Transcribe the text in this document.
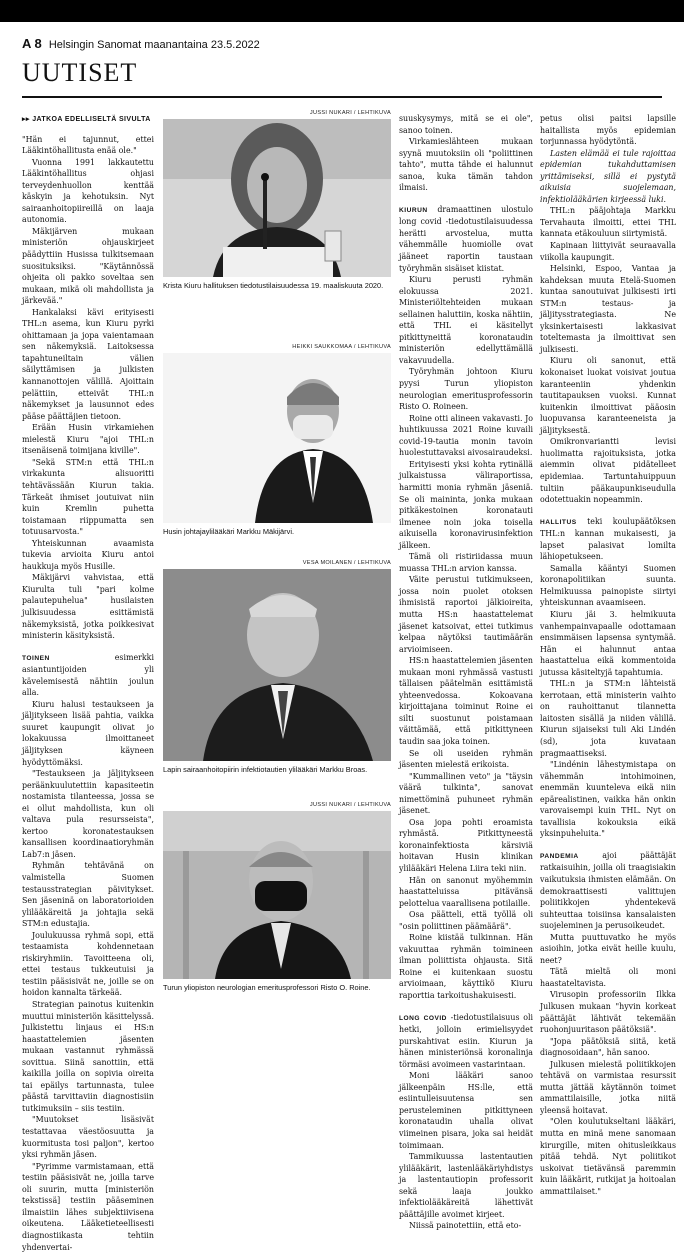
A 8 Helsingin Sanomat maanantaina 23.5.2022
UUTISET
▸▸ JATKOA EDELLISELTÄ SIVULTA

"Hän ei tajunnut, ettei Lääkintöhallitusta enää ole."

Vuonna 1991 lakkautettu Lääkintöhallitus ohjasi terveydenhuollon kenttää käskyin ja kehotuksin. Nyt sairaanhoitopiireillä on laaja autonomia.

Mäkijärven mukaan ministeriön ohjauskirjeet päädyttiin Husissa tulkitsemaan suosituksiksi. "Käytännössä ohjeita oli pakko soveltaa sen mukaan, mikä oli mahdollista ja järkevää."

Hankalaksi kävi erityisesti THL:n asema, kun Kiuru pyrki ohittamaan ja jopa vaientamaan sen näkemyksiä. Laitoksessa tapahtuneiltain välien säilyttämisen ja julkisten kannanottojen välillä. Ajoittain pelättiin, etteivät THL:n näkemykset ja lausunnot edes pääse päättäjien tietoon.

Erään Husin virkamiehen mielestä Kiuru "ajoi THL:n itsenäisenä toimijana kiville".

"Sekä STM:n että THL:n virkakunta alisuoritti tehtävässään Kiurun takia. Tärkeät ihmiset joutuivat niin kuin Kremlin puhetta toistamaan riippumatta sen totuusarvosta."

Yhteiskunnan avaamista tukevia arvioita Kiuru antoi haukkuja myös Husille.

Mäkijärvi vahvistaa, että Kiurulta tuli "pari kolme palautepuhelua" husilaisten julkisuudessa esittämistä näkemyksistä, jotka poikkesivat ministerin käsityksistä.

TOINEN	esimerkki asiantuntijoiden yli kävelemisestä nähtiin joulun alla.

Kiuru halusi testaukseen ja jäljitykseen lisää pahtia, vaikka suuret kaupungit olivat jo lokakuussa ilmoittaneet jäljityksen käyneen hyödyttömäksi.

"Testaukseen ja jäljitykseen peräänkuulutettiin kapasiteetin nostamista tilanteessa, jossa se ei ollut mahdollista, kun oli valtava pula resursseista", kertoo koronatestauksen kansallisen koordinaatioryhmän Lab7:n jäsen.

Ryhmän tehtävänä on valmistella Suomen testausstrategian päivitykset. Sen jäseninä on laboratorioiden ylilääkäreitä ja johtajia sekä STM:n edustajia.

Joulukuussa ryhmä sopi, että testaamista kohdennetaan riskiryhmiin. Tavoitteena oli, ettei testaus tukkeutuisi ja testiin pääsisivät ne, joille se on hoidon kannalta tärkeää.

Strategian painotus kuitenkin muuttui ministeriön käsittelyssä. Julkistettu linjaus ei HS:n haastattelemien jäsenten mukaan vastannut ryhmässä sovittua. Siinä sanottiin, että kaikilla joilla on sopivia oireita tai epäilys tartunnasta, tulee päästä tarvittaviin diagnostisiin tutkimuksiin – siis testiin.

"Muutokset lisäsivät testattavaa väestöosuutta ja kuormitusta tosi paljon", kertoo yksi ryhmän jäsen.

"Pyrimme varmistamaan, että testiin pääsisivät ne, joilla tarve oli suurin, mutta [ministeriön tekstissä] testiin pääseminen ilmaistiin lähes subjektiivisena oikeutena. Lääketieteellisesti diagnostiikasta tehtiin yhdenvertai-

JUSSI NUKARI / LEHTIKUVA
Krista Kiuru hallituksen tiedotustilaisuudessa 19. maaliskuuta 2020.
HEIKKI SAUKKOMAA / LEHTIKUVA
Husin johtajaylilääkäri Markku Mäkijärvi.
VESA MOILANEN / LEHTIKUVA
Lapin sairaanhoitopiirin infektiotautien ylilääkäri Markku Broas.
JUSSI NUKARI / LEHTIKUVA
Turun yliopiston neurologian emeritusprofessori Risto O. Roine.

suuskysymys, mitä se ei ole", sanoo toinen.

Virkamieslähteen mukaan syynä muutoksiin oli "poliittinen tahto", mutta tähde ei halunnut sanoa, kuka tämän tahdon ilmaisi.

KIURUN dramaattinen ulostulo long covid -tiedotustilaisuudessa herätti arvostelua, mutta vähemmälle huomiolle ovat jääneet raportin taustaan työryhmän sisäiset kiistat.

Kiuru perusti ryhmän elokuussa 2021. Ministeriöltehteiden mukaan sellainen haluttiin, koska nähtiin, että THL ei käsitellyt pitkittyneittä koronataudin ministeriön edellyttämällä vakavuudella.

Työryhmän johtoon Kiuru pyysi Turun yliopiston neurologian emeritusprofessorin Risto O. Roineen.

Roine otti alineen vakavasti. Jo huhtikuussa 2021 Roine kuvaili covid-19-tautia monin tavoin huolestuttavaksi aivosairaudeksi.

Erityisesti yksi kohta rytinällä julkaistussa väliraportissa, harmitti monia ryhmän jäseniä. Se oli maininta, jonka mukaan pitkäkestoinen koronatauti ilmenee noin joka toisella aikuisella koronavirusinfektion jälkeen.

Tämä oli ristiriidassa muun muassa THL:n arvion kanssa.

Väite perustui tutkimukseen, jossa noin puolet otoksen ihmisistä raportoi jälkioireita, mutta HS:n haastattelemat jäsenet katsoivat, ettei tutkimus kelpaa näytöksi tautimäärän arvioimiseen.

HS:n haastattelemien jäsenten mukaan moni ryhmässä vastusti tällaisen päätelmän esittämistä yhteenvedossa. Kokoavana kirjoittajana toiminut Roine ei silti suostunut poistamaan väittämää, että pitkittyneen taudin saa joka toinen.

Se oli useiden ryhmän jäsenten mielestä erikoista.

"Kummallinen veto" ja "täysin väärä tulkinta", sanovat nimettöminä puhuneet ryhmän jäsenet.

Osa jopa pohti eroamista ryhmästä. Pitkittyneestä koronainfektiosta kärsiviä hoitavan Husin klinikan ylilääkäri Helena Liira teki niin.

Hän on sanonut myöhemmin haastatteluissa pitävänsä pelottelua vaarallisena potilaille.

Osa päätteli, että työllä oli "osin poliittinen päämäärä".

Roine kiistää tulkinnan. Hän vakuuttaa ryhmän toimineen ilman poliittista ohjausta. Sitä Roine ei kuitenkaan suostu arvioimaan, käyttikö Kiuru raporttia tarkoitushakuisesti.

LONG COVID -tiedotustilaisuus oli hetki, jolloin erimielisyydet purskahtivat esiin. Kiurun ja hänen ministeriönsä koronalinja törmäsi avoimeen vastarintaan.

Moni lääkäri sanoo jälkeenpäin HS:lle, että esiintulleisuutensa sen perusteleminen pitkittyneen koronataudin uhalla olivat viimeinen pisara, joka sai heidät toimimaan.

Tammikuussa lastentautien ylilääkärit, lastenlääkäriyhdistys ja lastentautiopin professorit sekä laaja joukko infektiolääkäreitä lähettivät päättäjille avoimet kirjeet.

Niissä painotettiin, että eto-

petus olisi paitsi lapsille haitallista myös epidemian torjunnassa hyödytöntä.

Lasten elämää ei tule rajoittaa epidemian tukahduttamisen yrittämiseksi, sillä ei pystytä aikuisia suojelemaan, infektiolääkärien kirjeessä luki.

THL:n pääjohtaja Markku Tervahauta ilmoitti, ettei THL kannata etäkouluun siirtymistä.

Kapinaan liittyivät seuraavalla viikolla kaupungit.

Helsinki, Espoo, Vantaa ja kahdeksan muuta Etelä-Suomen kuntaa sanoutuivat julkisesti irti STM:n testaus- ja jäljitysstrategiasta. Ne yksinkertaisesti lakkasivat toteltemasta ja ilmoittivat sen julkisesti.

Kiuru oli sanonut, että kokonaiset luokat voisivat joutua karanteeniin yhdenkin tautitapauksen vuoksi. Kunnat kuitenkin ilmoittivat pääosin luopuvansa karanteeneista ja jäljityksestä.

Omikronvariantti levisi huolimatta rajoituksista, jotka aiemmin olivat pidätelleet epidemiaa. Tartuntahuippuun tultiin pääkaupunkiseudulla odotettuakin nopeammin.

HALLITUS teki koulupäätöksen THL:n kannan mukaisesti, ja lapset palasivat lomilta lähiopetukseen.

Samalla kääntyi Suomen koronapolitiikan suunta. Helmikuussa painopiste siirtyi yhteiskunnan avaamiseen.

Kiuru jäi 3. helmikuuta vanhempainvapaalle odottamaan ensimmäisen lapsensa syntymää. Hän ei halunnut antaa haastattelua eikä kommentoida jutussa käsiteltyjä tapahtumia.

THL:n ja STM:n lähteistä kerrotaan, että ministerin vaihto on rauhoittanut tilannetta laitosten sisällä ja niiden välillä. Kiurun sijaiseksi tuli Aki Lindén (sd), jota kuvataan pragmaattiseksi.

"Lindénin lähestymistapa on vähemmän intohimoinen, enemmän kuunteleva eikä niin epärealistinen, vaikka hän onkin varovaisempi kuin THL. Nyt on tavallisia kokouksia eikä yksinpuheluita."

PANDEMIA	ajoi päättäjät ratkaisuihin, joilla oli traagisiakin vaikutuksia ihmisten elämään. On demokraattisesti valittujen poliitikkojen yhdentekevä suhteuttaa toisiinsa kansalaisten suojeleminen ja perusoikeudet.

Mutta puuttuvatko he myös asioihin, jotka eivät heille kuulu, neet?

Tätä mieltä oli moni haastateltavista.

Virusopin professoriin Ilkka Julkusen mukaan "hyvin korkeat päättäjät lähtivät tekemään ruohonjuuritason päätöksiä".

"Jopa päätöksiä siitä, ketä diagnosoidaan", hän sanoo.

Julkusen mielestä poliitikkojen tehtävä on varmistaa resurssit mutta jättää käytännön toimet ammattilaisille, jotka niitä yleensä hoitavat.

"Olen koulutukseltani lääkäri, mutta en minä mene sanomaan kirurgille, miten ohitusleikkaus pitää tehdä. Nyt poliitikot uskoivat tietävänsä paremmin kuin lääkärit, rutkijat ja hoitoalan ammattilaiset."
